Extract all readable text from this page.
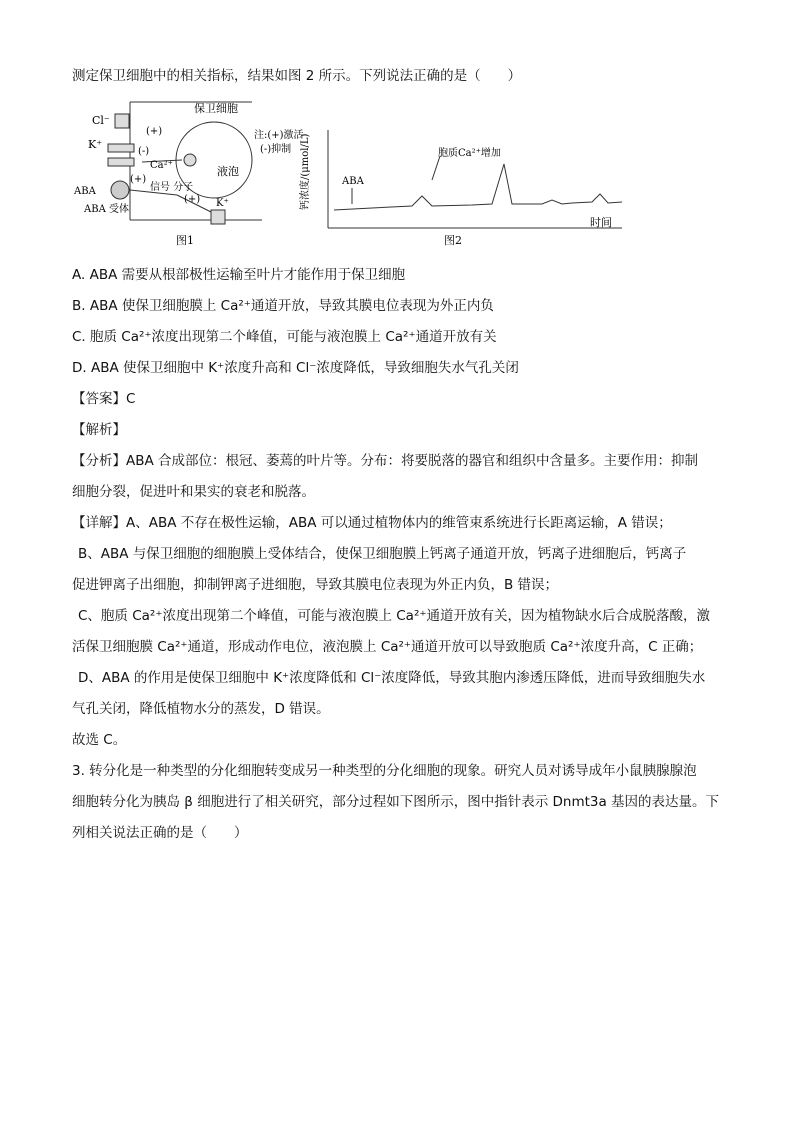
测定保卫细胞中的相关指标，结果如图 2 所示。下列说法正确的是（　　）
保卫细胞
液泡
Cl⁻
K⁺
Ca²⁺
ABA
ABA 受体
信号 分子
K⁺
(+)
(-)
(+)
(+)
注:(+)激活
(-)抑制
图1
钙浓度/(μmol/L)	ABA
胞质Ca²⁺增加
时间
图2
A. ABA 需要从根部极性运输至叶片才能作用于保卫细胞
B. ABA 使保卫细胞膜上 Ca²⁺通道开放，导致其膜电位表现为外正内负
C. 胞质 Ca²⁺浓度出现第二个峰值，可能与液泡膜上 Ca²⁺通道开放有关
D. ABA 使保卫细胞中 K⁺浓度升高和 Cl⁻浓度降低，导致细胞失水气孔关闭
【答案】C
【解析】
【分析】ABA 合成部位：根冠、萎蔫的叶片等。分布：将要脱落的器官和组织中含量多。主要作用：抑制
细胞分裂，促进叶和果实的衰老和脱落。
【详解】A、ABA 不存在极性运输，ABA 可以通过植物体内的维管束系统进行长距离运输，A 错误；
B、ABA 与保卫细胞的细胞膜上受体结合，使保卫细胞膜上钙离子通道开放，钙离子进细胞后，钙离子
促进钾离子出细胞，抑制钾离子进细胞，导致其膜电位表现为外正内负，B 错误；
C、胞质 Ca²⁺浓度出现第二个峰值，可能与液泡膜上 Ca²⁺通道开放有关，因为植物缺水后合成脱落酸，激
活保卫细胞膜 Ca²⁺通道，形成动作电位，液泡膜上 Ca²⁺通道开放可以导致胞质 Ca²⁺浓度升高，C 正确；
D、ABA 的作用是使保卫细胞中 K⁺浓度降低和 Cl⁻浓度降低，导致其胞内渗透压降低，进而导致细胞失水
气孔关闭，降低植物水分的蒸发，D 错误。
故选 C。
3. 转分化是一种类型的分化细胞转变成另一种类型的分化细胞的现象。研究人员对诱导成年小鼠胰腺腺泡
细胞转分化为胰岛 β 细胞进行了相关研究，部分过程如下图所示，图中指针表示 Dnmt3a 基因的表达量。下
列相关说法正确的是（　　）
